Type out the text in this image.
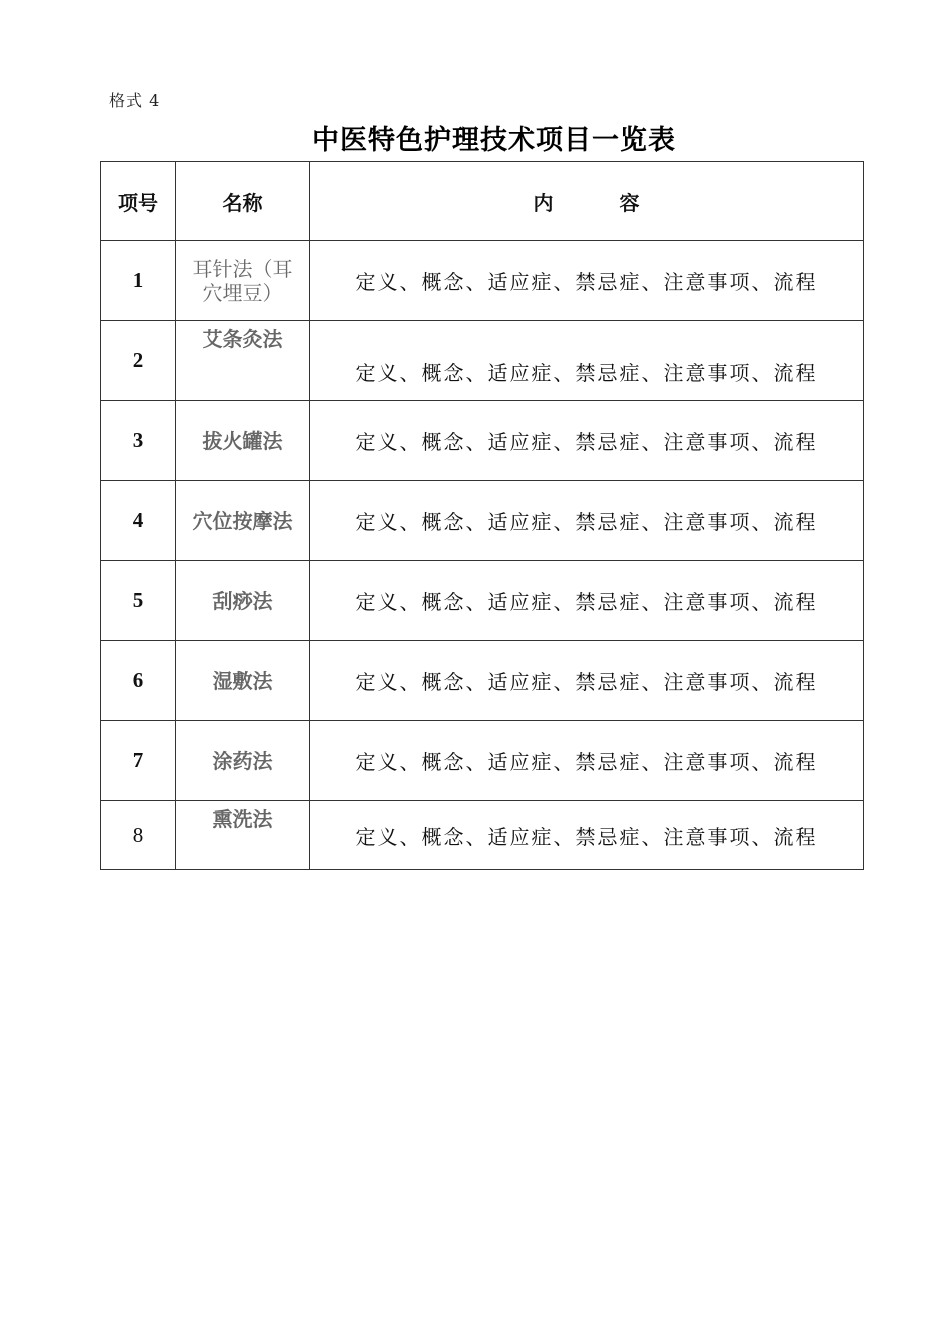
格式 4
中医特色护理技术项目一览表
项号	名称	内 容
1	耳针法（耳穴埋豆）	定义、概念、适应症、禁忌症、注意事项、流程
2	艾条灸法	定义、概念、适应症、禁忌症、注意事项、流程
3	拔火罐法	定义、概念、适应症、禁忌症、注意事项、流程
4	穴位按摩法	定义、概念、适应症、禁忌症、注意事项、流程
5	刮痧法	定义、概念、适应症、禁忌症、注意事项、流程
6	湿敷法	定义、概念、适应症、禁忌症、注意事项、流程
7	涂药法	定义、概念、适应症、禁忌症、注意事项、流程
8	熏洗法	定义、概念、适应症、禁忌症、注意事项、流程
